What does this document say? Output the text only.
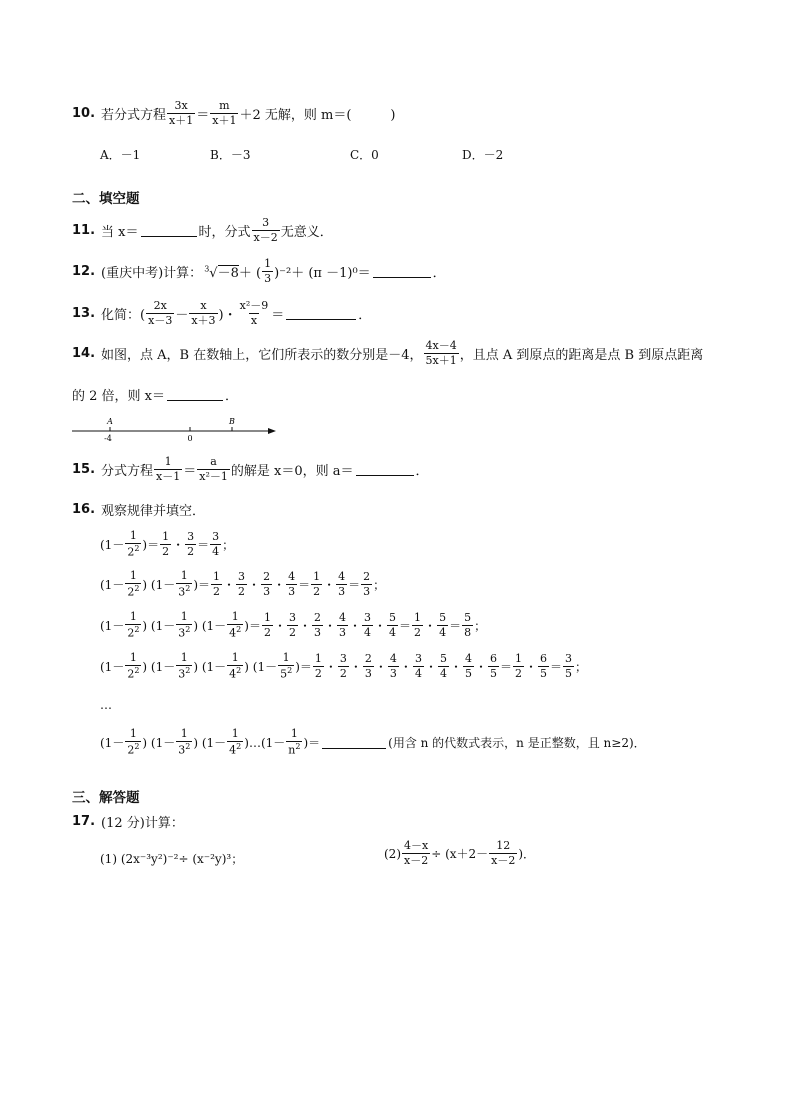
10. 若分式方程 $\frac{3x}{x+1} = \frac{m}{x+1} +2$ 无解，则 m＝(　　　)
A．－1	B．－3	C．0	D．－2
二、填空题
11. 当 x＝	时，分式 $\frac{3}{x-2}$ 无意义．
12. (重庆中考)计算： $^3$√－8 ＋ ( $\frac{1}{3} )^{-2}+ (\pi -1)^0=$	．
13. 化简：( $\frac{2x}{x-3} - \frac{x}{x+3}$ )・ $\frac{\text{x²－9}}{x}$ ＝	．
14. 如图，点 A，B 在数轴上，它们所表示的数分别是－4， $\frac{4x-4}{5x+1}$ ，且点 A 到原点的距离是点 B 到原点距离
的 2 倍，则 x＝	．
A	B
-4	0
15. 分式方程 $\frac{1}{x-1} = \frac{a}{\text{x²－1}}$ 的解是 x＝0，则 a＝	．
16. 观察规律并填空．
($1- \frac{1}{2^2}$ )＝ $\frac{1}{2}$ ・ $\frac{3}{2} = \frac{3}{4}$ ；
($1- \frac{1}{2^2}$ ) ($1- \frac{1}{3^2}$ )＝ $\frac{1}{2}$ ・ $\frac{3}{2}$ ・ $\frac{2}{3}$ ・ $\frac{4}{3} = \frac{1}{2}$ ・ $\frac{4}{3} = \frac{2}{3}$ ；
($1- \frac{1}{2^2}$ ) ($1- \frac{1}{3^2}$ ) ($1- \frac{1}{4^2}$ )＝ $\frac{1}{2}$ ・ $\frac{3}{2}$ ・ $\frac{2}{3}$ ・ $\frac{4}{3}$ ・ $\frac{3}{4}$ ・ $\frac{5}{4} = \frac{1}{2}$ ・ $\frac{5}{4} = \frac{5}{8}$ ；
($1- \frac{1}{2^2}$ ) ($1- \frac{1}{3^2}$ ) ($1- \frac{1}{4^2}$ ) ($1- \frac{1}{5^2}$ )＝ $\frac{1}{2}$ ・ $\frac{3}{2}$ ・ $\frac{2}{3}$ ・ $\frac{4}{3}$ ・ $\frac{3}{4}$ ・ $\frac{5}{4}$ ・ $\frac{4}{5}$ ・ $\frac{6}{5} = \frac{1}{2}$ ・ $\frac{6}{5} = \frac{3}{5}$ ；
…
($1- \frac{1}{2^2}$ ) ($1- \frac{1}{3^2}$ ) ($1- \frac{1}{4^2}$ )…(1－ $\frac{1}{n^2}$ )＝	(用含 n 的代数式表示，n 是正整数，且 n≥2)．
三、解答题
17. (12 分)计算：
(1) (2x⁻³y²)⁻²÷ (x⁻²y)³；	$(2) \frac{4-x}{x-2} \div (x+2- \frac{12}{x-2}$ )．
